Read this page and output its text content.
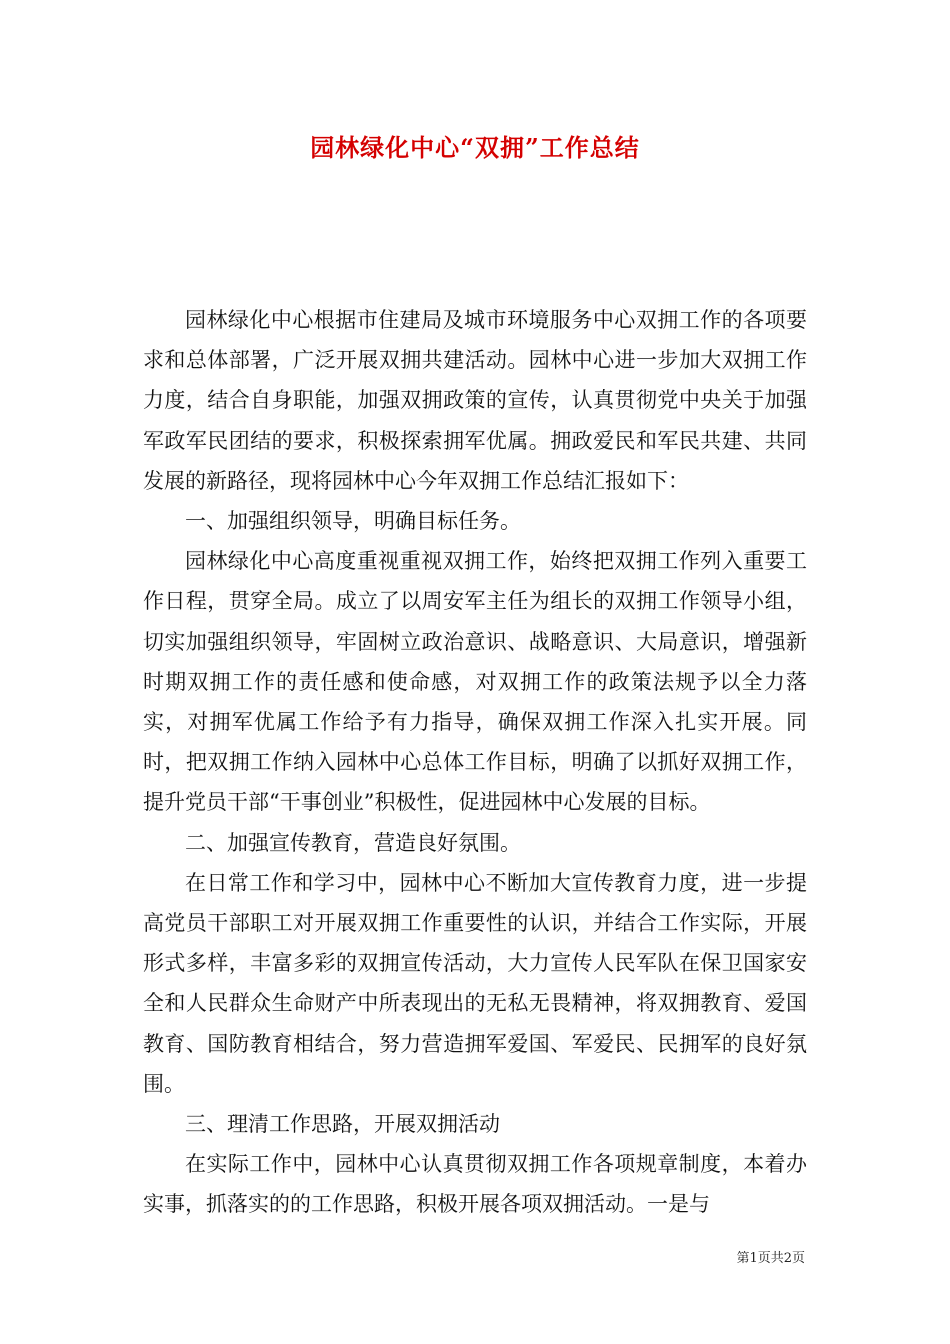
园林绿化中心“双拥”工作总结

园林绿化中心根据市住建局及城市环境服务中心双拥工作的各项要求和总体部署，广泛开展双拥共建活动。园林中心进一步加大双拥工作力度，结合自身职能，加强双拥政策的宣传，认真贯彻党中央关于加强军政军民团结的要求，积极探索拥军优属。拥政爱民和军民共建、共同发展的新路径，现将园林中心今年双拥工作总结汇报如下：

一、加强组织领导，明确目标任务。

园林绿化中心高度重视重视双拥工作，始终把双拥工作列入重要工作日程，贯穿全局。成立了以周安军主任为组长的双拥工作领导小组，切实加强组织领导，牢固树立政治意识、战略意识、大局意识，增强新时期双拥工作的责任感和使命感，对双拥工作的政策法规予以全力落实，对拥军优属工作给予有力指导，确保双拥工作深入扎实开展。同时，把双拥工作纳入园林中心总体工作目标，明确了以抓好双拥工作，提升党员干部“干事创业”积极性，促进园林中心发展的目标。

二、加强宣传教育，营造良好氛围。

在日常工作和学习中，园林中心不断加大宣传教育力度，进一步提高党员干部职工对开展双拥工作重要性的认识，并结合工作实际，开展形式多样，丰富多彩的双拥宣传活动，大力宣传人民军队在保卫国家安全和人民群众生命财产中所表现出的无私无畏精神，将双拥教育、爱国教育、国防教育相结合，努力营造拥军爱国、军爱民、民拥军的良好氛围。

三、理清工作思路，开展双拥活动

在实际工作中，园林中心认真贯彻双拥工作各项规章制度，本着办实事，抓落实的的工作思路，积极开展各项双拥活动。一是与

第1页共2页
